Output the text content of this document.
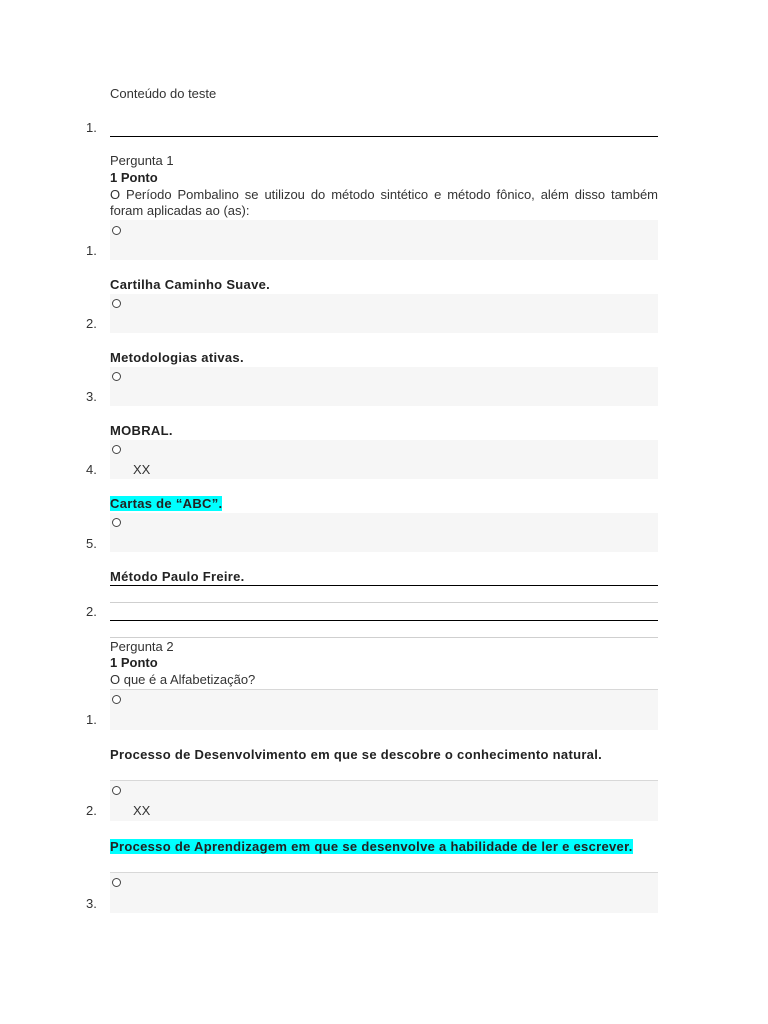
Conteúdo do teste
1.
Pergunta 1
1 Ponto
O Período Pombalino se utilizou do método sintético e método fônico, além disso também foram aplicadas ao (as):
1.
Cartilha Caminho Suave.
2.
Metodologias ativas.
3.
MOBRAL.
4.	XX
Cartas de “ABC”.
5.
Método Paulo Freire.
2.
Pergunta 2
1 Ponto
O que é a Alfabetização?
1.
Processo de Desenvolvimento em que se descobre o conhecimento natural.
2.	XX
Processo de Aprendizagem em que se desenvolve a habilidade de ler e escrever.
3.
